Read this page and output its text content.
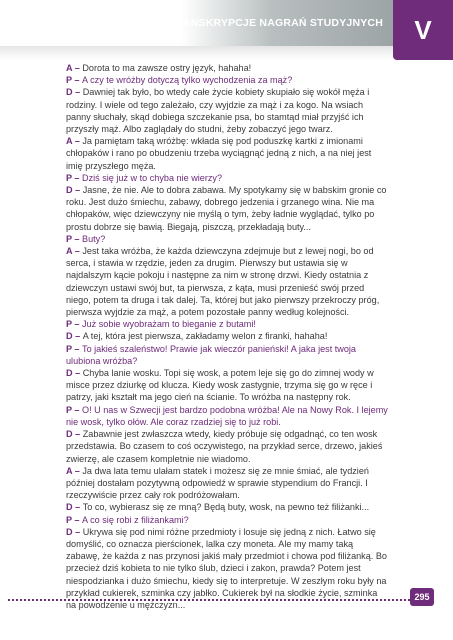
TRANSKRYPCJE NAGRAŃ STUDYJNYCH V

A – Dorota to ma zawsze ostry język, hahaha!

P – A czy te wróżby dotyczą tylko wychodzenia za mąż?

D – Dawniej tak było, bo wtedy całe życie kobiety skupiało się wokół męża i rodziny. I wiele od tego zależało, czy wyjdzie za mąż i za kogo. Na wsiach panny słuchały, skąd dobiega szczekanie psa, bo stamtąd miał przyjść ich przyszły mąż. Albo zaglądały do studni, żeby zobaczyć jego twarz.

A – Ja pamiętam taką wróżbę: wkłada się pod poduszkę kartki z imionami chłopaków i rano po obudzeniu trzeba wyciągnąć jedną z nich, a na niej jest imię przyszłego męża.

P – Dziś się już w to chyba nie wierzy?

D – Jasne, że nie. Ale to dobra zabawa. My spotykamy się w babskim gronie co roku. Jest dużo śmiechu, zabawy, dobrego jedzenia i grzanego wina. Nie ma chłopaków, więc dziewczyny nie myślą o tym, żeby ładnie wyglądać, tylko po prostu dobrze się bawią. Biegają, piszczą, przekładają buty...

P – Buty?

A – Jest taka wróżba, że każda dziewczyna zdejmuje but z lewej nogi, bo od serca, i stawia w rzędzie, jeden za drugim. Pierwszy but ustawia się w najdalszym kącie pokoju i następne za nim w stronę drzwi. Kiedy ostatnia z dziewczyn ustawi swój but, ta pierwsza, z kąta, musi przenieść swój przed niego, potem ta druga i tak dalej. Ta, której but jako pierwszy przekroczy próg, pierwsza wyjdzie za mąż, a potem pozostałe panny według kolejności.

P – Już sobie wyobrażam to bieganie z butami!

D – A tej, która jest pierwsza, zakładamy welon z firanki, hahaha!

P – To jakieś szaleństwo! Prawie jak wieczór panieński! A jaka jest twoja ulubiona wróżba?

D – Chyba lanie wosku. Topi się wosk, a potem leje się go do zimnej wody w misce przez dziurkę od klucza. Kiedy wosk zastygnie, trzyma się go w ręce i patrzy, jaki kształt ma jego cień na ścianie. To wróżba na następny rok.

P – O! U nas w Szwecji jest bardzo podobna wróżba! Ale na Nowy Rok. I lejemy nie wosk, tylko ołów. Ale coraz rzadziej się to już robi.

D – Zabawnie jest zwłaszcza wtedy, kiedy próbuje się odgadnąć, co ten wosk przedstawia. Bo czasem to coś oczywistego, na przykład serce, drzewo, jakieś zwierzę, ale czasem kompletnie nie wiadomo.

A – Ja dwa lata temu ulałam statek i możesz się ze mnie śmiać, ale tydzień później dostałam pozytywną odpowiedź w sprawie stypendium do Francji. I rzeczywiście przez cały rok podróżowałam.

D – To co, wybierasz się ze mną? Będą buty, wosk, na pewno też filiżanki...

P – A co się robi z filiżankami?

D – Ukrywa się pod nimi różne przedmioty i losuje się jedną z nich. Łatwo się domyślić, co oznacza pierścionek, lalka czy moneta. Ale my mamy taką zabawę, że każda z nas przynosi jakiś mały przedmiot i chowa pod filiżanką. Bo przecież dziś kobieta to nie tylko ślub, dzieci i zakon, prawda? Potem jest niespodzianka i dużo śmiechu, kiedy się to interpretuje. W zeszłym roku były na przykład cukierek, szminka czy jabłko. Cukierek był na słodkie życie, szminka na powodzenie u mężczyzn...

295
